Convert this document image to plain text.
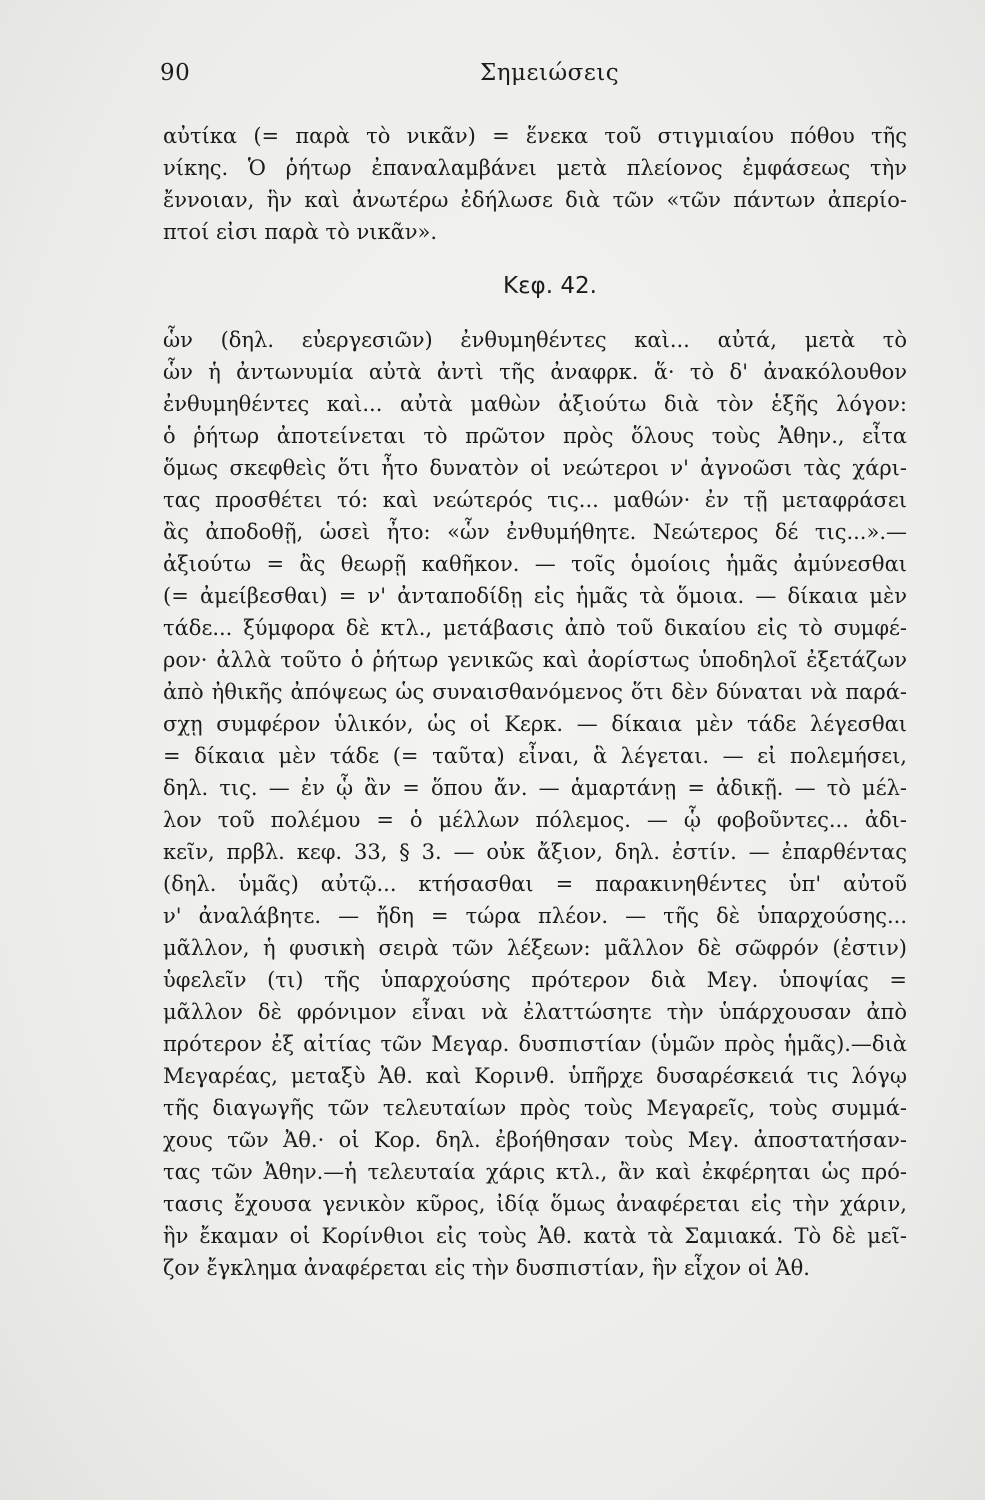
90	Σημειώσεις
αὐτίκα (= παρὰ τὸ νικᾶν) = ἕνεκα τοῦ στιγμιαίου πόθου τῆς
νίκης. Ὁ ῥήτωρ ἐπαναλαμβάνει μετὰ πλείονος ἐμφάσεως τὴν
ἔννοιαν, ἣν καὶ ἀνωτέρω ἐδήλωσε διὰ τῶν «τῶν πάντων ἀπερίο-
πτοί εἰσι παρὰ τὸ νικᾶν».
Κεφ. 42.
ὧν (δηλ. εὐεργεσιῶν) ἐνθυμηθέντες καὶ... αὐτά, μετὰ τὸ
ὧν ἡ ἀντωνυμία αὐτὰ ἀντὶ τῆς ἀναφρκ. ἅ· τὸ δ' ἀνακόλουθον
ἐνθυμηθέντες καὶ... αὐτὰ μαθὼν ἀξιούτω διὰ τὸν ἑξῆς λόγον:
ὁ ῥήτωρ ἀποτείνεται τὸ πρῶτον πρὸς ὅλους τοὺς Ἀθην., εἶτα
ὅμως σκεφθεὶς ὅτι ἦτο δυνατὸν οἱ νεώτεροι ν' ἀγνοῶσι τὰς χάρι-
τας προσθέτει τό: καὶ νεώτερός τις... μαθών· ἐν τῇ μεταφράσει
ἂς ἀποδοθῇ, ὡσεὶ ἦτο: «ὧν ἐνθυμήθητε. Νεώτερος δέ τις...».—
ἀξιούτω = ἂς θεωρῇ καθῆκον. — τοῖς ὁμοίοις ἡμᾶς ἀμύνεσθαι
(= ἀμείβεσθαι) = ν' ἀνταποδίδῃ εἰς ἡμᾶς τὰ ὅμοια. — δίκαια μὲν
τάδε... ξύμφορα δὲ κτλ., μετάβασις ἀπὸ τοῦ δικαίου εἰς τὸ συμφέ-
ρον· ἀλλὰ τοῦτο ὁ ῥήτωρ γενικῶς καὶ ἀορίστως ὑποδηλοῖ ἐξετάζων
ἀπὸ ἠθικῆς ἀπόψεως ὡς συναισθανόμενος ὅτι δὲν δύναται νὰ παρά-
σχῃ συμφέρον ὑλικόν, ὡς οἱ Κερκ. — δίκαια μὲν τάδε λέγεσθαι
= δίκαια μὲν τάδε (= ταῦτα) εἶναι, ἃ λέγεται. — εἰ πολεμήσει,
δηλ. τις. — ἐν ᾧ ἂν = ὅπου ἄν. — ἁμαρτάνῃ = ἀδικῇ. — τὸ μέλ-
λον τοῦ πολέμου = ὁ μέλλων πόλεμος. — ᾧ φοβοῦντες... ἀδι-
κεῖν, πρβλ. κεφ. 33, § 3. — οὐκ ἄξιον, δηλ. ἐστίν. — ἐπαρθέντας
(δηλ. ὑμᾶς) αὐτῷ... κτήσασθαι = παρακινηθέντες ὑπ' αὐτοῦ
ν' ἀναλάβητε. — ἤδη = τώρα πλέον. — τῆς δὲ ὑπαρχούσης...
μᾶλλον, ἡ φυσικὴ σειρὰ τῶν λέξεων: μᾶλλον δὲ σῶφρόν (ἐστιν)
ὑφελεῖν (τι) τῆς ὑπαρχούσης πρότερον διὰ Μεγ. ὑποψίας =
μᾶλλον δὲ φρόνιμον εἶναι νὰ ἐλαττώσητε τὴν ὑπάρχουσαν ἀπὸ
πρότερον ἐξ αἰτίας τῶν Μεγαρ. δυσπιστίαν (ὑμῶν πρὸς ἡμᾶς).—διὰ
Μεγαρέας, μεταξὺ Ἀθ. καὶ Κορινθ. ὑπῆρχε δυσαρέσκειά τις λόγῳ
τῆς διαγωγῆς τῶν τελευταίων πρὸς τοὺς Μεγαρεῖς, τοὺς συμμά-
χους τῶν Ἀθ.· οἱ Κορ. δηλ. ἐβοήθησαν τοὺς Μεγ. ἀποστατήσαν-
τας τῶν Ἀθην.—ἡ τελευταία χάρις κτλ., ἂν καὶ ἐκφέρηται ὡς πρό-
τασις ἔχουσα γενικὸν κῦρος, ἰδίᾳ ὅμως ἀναφέρεται εἰς τὴν χάριν,
ἣν ἔκαμαν οἱ Κορίνθιοι εἰς τοὺς Ἀθ. κατὰ τὰ Σαμιακά. Τὸ δὲ μεῖ-
ζον ἔγκλημα ἀναφέρεται εἰς τὴν δυσπιστίαν, ἣν εἶχον οἱ Ἀθ.
